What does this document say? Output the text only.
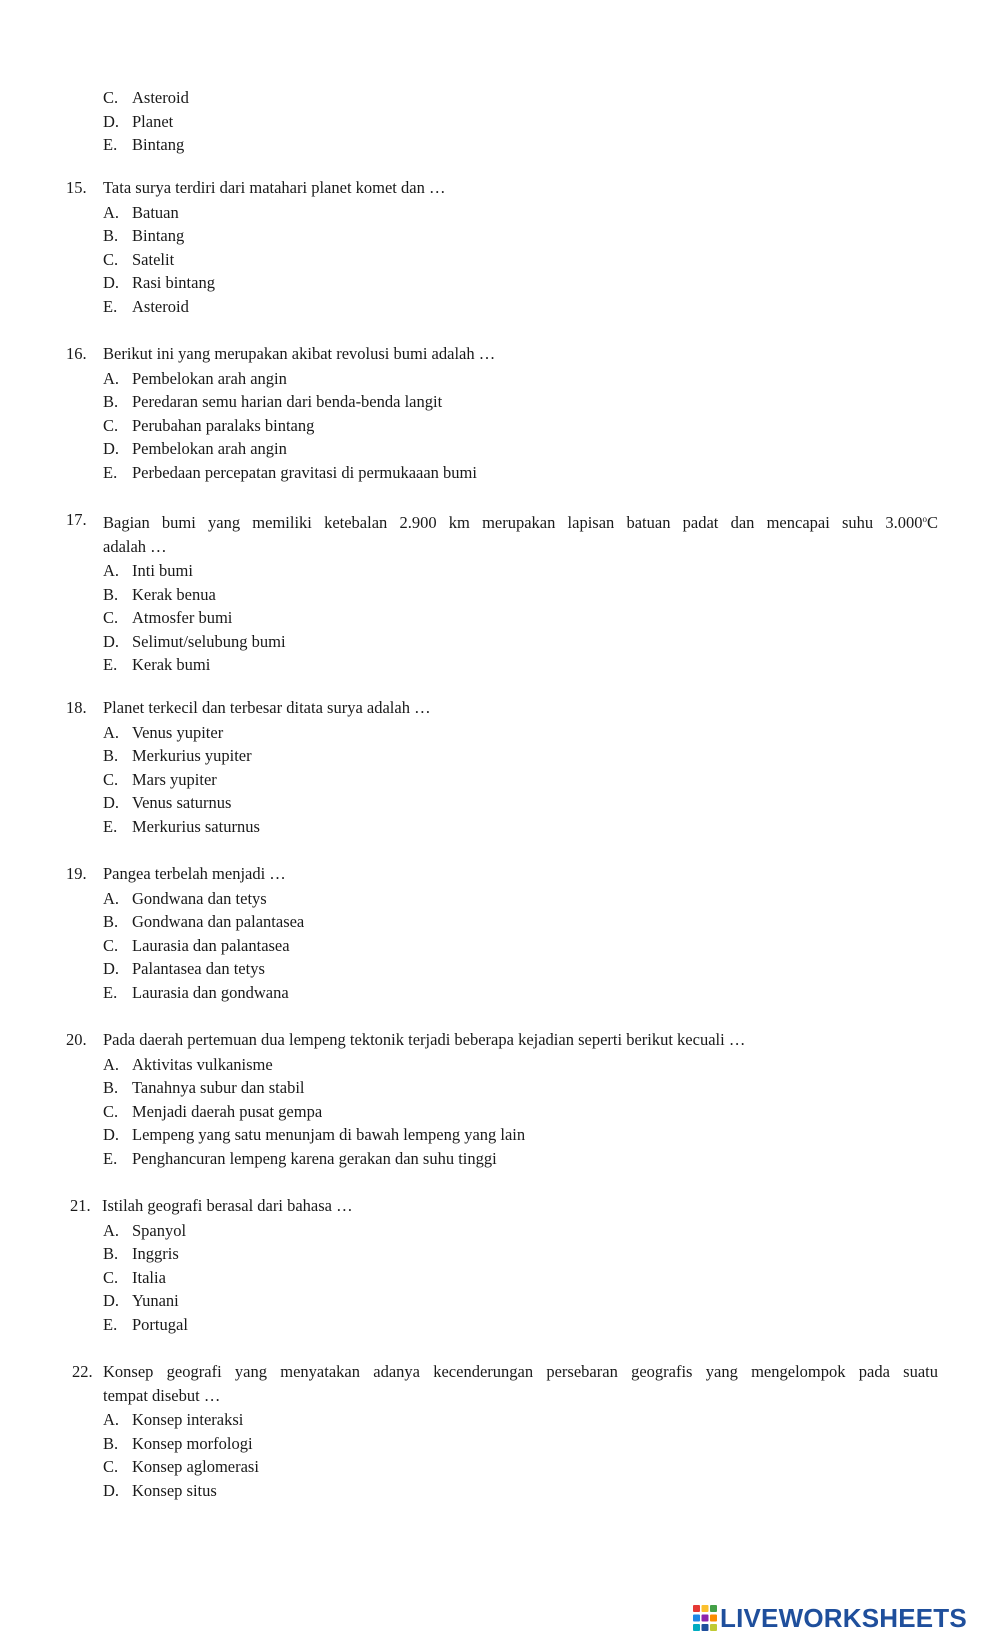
C. Asteroid
D. Planet
E. Bintang
15. Tata surya terdiri dari matahari planet komet dan …
A. Batuan
B. Bintang
C. Satelit
D. Rasi bintang
E. Asteroid
16. Berikut ini yang merupakan akibat revolusi bumi adalah …
A. Pembelokan arah angin
B. Peredaran semu harian dari benda-benda langit
C. Perubahan paralaks bintang
D. Pembelokan arah angin
E. Perbedaan percepatan gravitasi di permukaaan bumi
17. Bagian bumi yang memiliki ketebalan 2.900 km merupakan lapisan batuan padat dan mencapai suhu 3.000$^o$C
adalah …
A. Inti bumi
B. Kerak benua
C. Atmosfer bumi
D. Selimut/selubung bumi
E. Kerak bumi
18. Planet terkecil dan terbesar ditata surya adalah …
A. Venus yupiter
B. Merkurius yupiter
C. Mars yupiter
D. Venus saturnus
E. Merkurius saturnus
19. Pangea terbelah menjadi …
A. Gondwana dan tetys
B. Gondwana dan palantasea
C. Laurasia dan palantasea
D. Palantasea dan tetys
E. Laurasia dan gondwana
20. Pada daerah pertemuan dua lempeng tektonik terjadi beberapa kejadian seperti berikut kecuali …
A. Aktivitas vulkanisme
B. Tanahnya subur dan stabil
C. Menjadi daerah pusat gempa
D. Lempeng yang satu menunjam di bawah lempeng yang lain
E. Penghancuran lempeng karena gerakan dan suhu tinggi
21. Istilah geografi berasal dari bahasa …
A. Spanyol
B. Inggris
C. Italia
D. Yunani
E. Portugal
22. Konsep geografi yang menyatakan adanya kecenderungan persebaran geografis yang mengelompok pada suatu
tempat disebut …
A. Konsep interaksi
B. Konsep morfologi
C. Konsep aglomerasi
D. Konsep situs
LIVEWORKSHEETS
